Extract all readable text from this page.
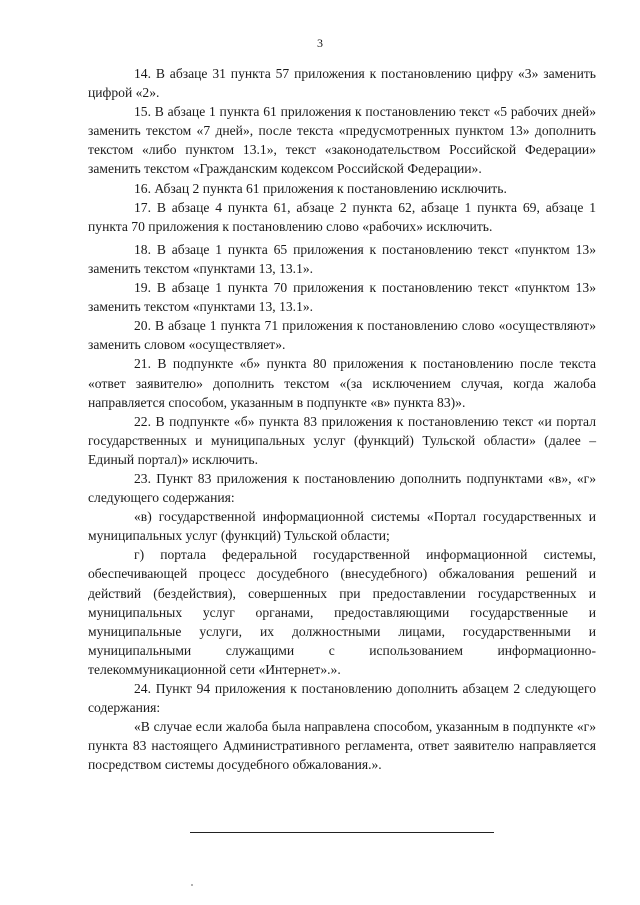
3

14. В абзаце 31 пункта 57 приложения к постановлению цифру «3» заменить цифрой «2».

15. В абзаце 1 пункта 61 приложения к постановлению текст «5 рабочих дней» заменить текстом «7 дней», после текста «предусмотренных пунктом 13» дополнить текстом «либо пунктом 13.1», текст «законодательством Российской Федерации» заменить текстом «Гражданским кодексом Российской Федерации».

16. Абзац 2 пункта 61 приложения к постановлению исключить.

17. В абзаце 4 пункта 61, абзаце 2 пункта 62, абзаце 1 пункта 69, абзаце 1 пункта 70 приложения к постановлению слово «рабочих» исключить.

18. В абзаце 1 пункта 65 приложения к постановлению текст «пунктом 13» заменить текстом «пунктами 13, 13.1».

19. В абзаце 1 пункта 70 приложения к постановлению текст «пунктом 13» заменить текстом «пунктами 13, 13.1».

20. В абзаце 1 пункта 71 приложения к постановлению слово «осуществляют» заменить словом «осуществляет».

21. В подпункте «б» пункта 80 приложения к постановлению после текста «ответ заявителю» дополнить текстом «(за исключением случая, когда жалоба направляется способом, указанным в подпункте «в» пункта 83)».

22. В подпункте «б» пункта 83 приложения к постановлению текст «и портал государственных и муниципальных услуг (функций) Тульской области» (далее – Единый портал)» исключить.

23. Пункт 83 приложения к постановлению дополнить подпунктами «в», «г» следующего содержания:

«в) государственной информационной системы «Портал государственных и муниципальных услуг (функций) Тульской области;

г) портала федеральной государственной информационной системы, обеспечивающей процесс досудебного (внесудебного) обжалования решений и действий (бездействия), совершенных при предоставлении государственных и муниципальных услуг органами, предоставляющими государственные и муниципальные услуги, их должностными лицами, государственными и муниципальными служащими с использованием информационно-телекоммуникационной сети «Интернет».».

24. Пункт 94 приложения к постановлению дополнить абзацем 2 следующего содержания:

«В случае если жалоба была направлена способом, указанным в подпункте «г» пункта 83 настоящего Административного регламента, ответ заявителю направляется посредством системы досудебного обжалования.».
